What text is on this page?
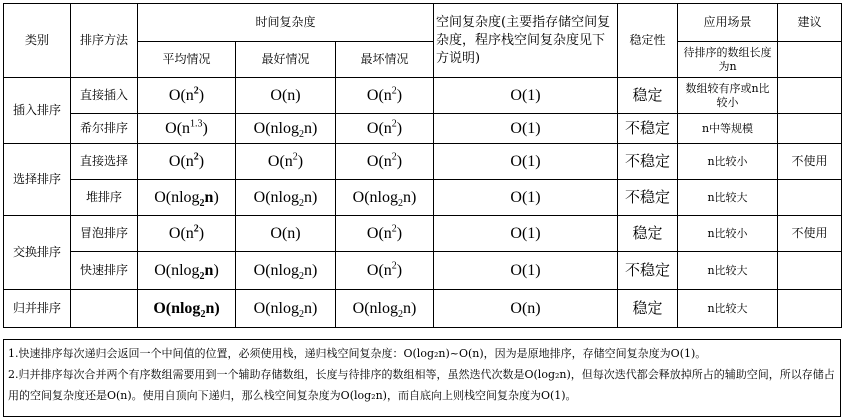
类别	排序方法	时间复杂度			空间复杂度(主要指存储空间复杂度，程序栈空间复杂度见下方说明)	稳定性	应用场景	建议
		平均情况	最好情况	最坏情况			待排序的数组长度为n	
插入排序	直接插入	$O(n^2)$	O(n)	$O(n^2)$	O(1)	稳定	数组较有序或n比较小	
	希尔排序	$O(n^{1.3})$	O(nlog$_2$n)	$O(n^2)$	O(1)	不稳定	n中等规模	
选择排序	直接选择	$O(n^2)$	$O(n^2)$	$O(n^2)$	O(1)	不稳定	n比较小	不使用
	堆排序	O(nlog$_2$n)	O(nlog$_2$n)	O(nlog$_2$n)	O(1)	不稳定	n比较大	
交换排序	冒泡排序	$O(n^2)$	O(n)	$O(n^2)$	O(1)	稳定	n比较小	不使用
	快速排序	O(nlog$_2$n)	O(nlog$_2$n)	$O(n^2)$	O(1)	不稳定	n比较大	
归并排序		O(nlog$_2$n)	O(nlog$_2$n)	O(nlog$_2$n)	O(n)	稳定	n比较大	

1.快速排序每次递归会返回一个中间值的位置，必须使用栈，递归栈空间复杂度：O(log₂n)~O(n)，因为是原地排序，存储空间复杂度为O(1)。

2.归并排序每次合并两个有序数组需要用到一个辅助存储数组，长度与待排序的数组相等，虽然迭代次数是O(log₂n)，但每次迭代都会释放掉所占的辅助空间，所以存储占用的空间复杂度还是O(n)。使用自顶向下递归，那么栈空间复杂度为O(log₂n)，而自底向上则栈空间复杂度为O(1)。
